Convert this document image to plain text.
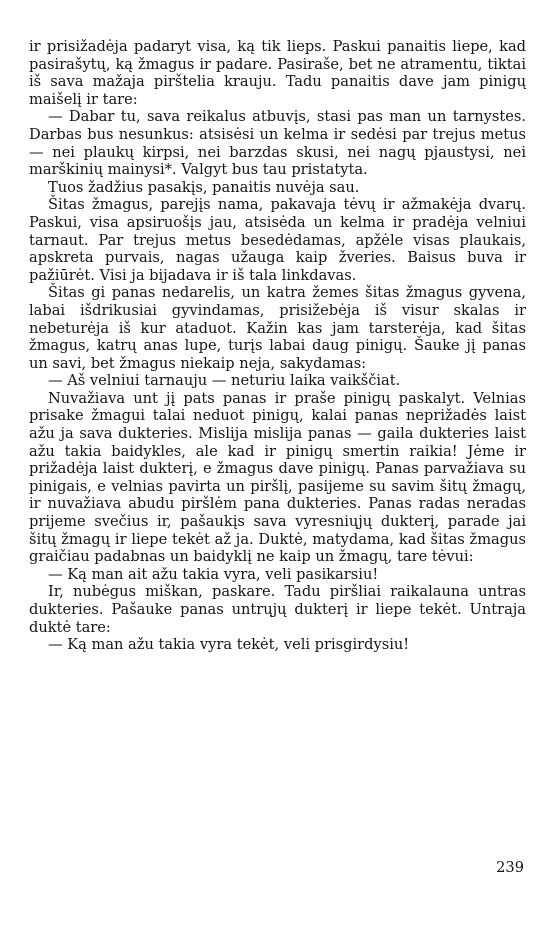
ir prisižadėja padaryt visa, ką tik lieps. Paskui panaitis liepe, kad pasirašytų, ką žmagus ir padare. Pasiraše, bet ne atramentu, tiktai iš sava mažaja pirštelia krauju. Tadu panaitis dave jam pinigų maišelį ir tare:

— Dabar tu, sava reikalus atbuvįs, stasi pas man un tarnystes. Darbas bus nesunkus: atsisėsi un kelma ir sedėsi par trejus metus — nei plaukų kirpsi, nei barzdas skusi, nei nagų pjaustysi, nei marškinių mainysi*. Valgyt bus tau pristatyta.

Tuos žadžius pasakįs, panaitis nuvėja sau.

Šitas žmagus, parejįs nama, pakavaja tėvų ir ažmakėja dvarų. Paskui, visa apsiruošįs jau, atsisėda un kelma ir pradėja velniui tarnaut. Par trejus metus besedėdamas, apžėle visas plaukais, apskreta purvais, nagas užauga kaip žveries. Baisus buva ir pažiūrėt. Visi ja bijadava ir iš tala linkdavas.

Šitas gi panas nedarelis, un katra žemes šitas žmagus gyvena, labai išdrikusiai gyvindamas, prisižebėja iš visur skalas ir nebeturėja iš kur ataduot. Kažin kas jam tarsterėja, kad šitas žmagus, katrų anas lupe, turįs labai daug pinigų. Šauke jį panas un savi, bet žmagus niekaip neja, sakydamas:

— Aš velniui tarnauju — neturiu laika vaikščiat.

Nuvažiava unt jį pats panas ir praše pinigų paskalyt. Velnias prisake žmagui talai neduot pinigų, kalai panas neprižadės laist ažu ja sava dukteries. Mislija mislija panas — gaila dukteries laist ažu takia baidykles, ale kad ir pinigų smertin raikia! Jėme ir prižadėja laist dukterį, e žmagus dave pinigų. Panas parvažiava su pinigais, e velnias pavirta un piršlį, pasijeme su savim šitų žmagų, ir nuvažiava abudu piršlėm pana dukteries. Panas radas neradas prijeme svečius ir, pašaukįs sava vyresniųjų dukterį, parade jai šitų žmagų ir liepe tekėt až ja. Duktė, matydama, kad šitas žmagus graičiau padabnas un baidyklį ne kaip un žmagų, tare tėvui:

— Ką man ait ažu takia vyra, veli pasikarsiu!

Ir, nubėgus miškan, paskare. Tadu piršliai raikalauna untras dukteries. Pašauke panas untrųjų dukterį ir liepe tekėt. Untraja duktė tare:

— Ką man ažu takia vyra tekėt, veli prisgirdysiu!

239
